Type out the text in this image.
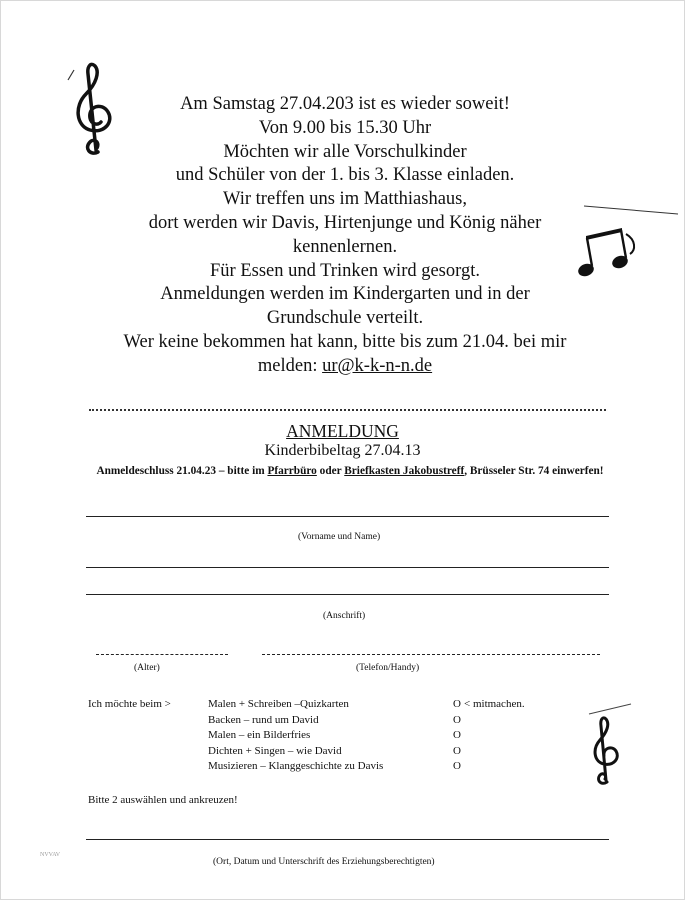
Am Samstag 27.04.203 ist es wieder soweit!
Von 9.00 bis 15.30 Uhr
Möchten wir alle Vorschulkinder
und Schüler von der 1. bis 3. Klasse einladen.
Wir treffen uns im Matthiashaus,
dort werden wir Davis, Hirtenjunge und König näher
kennenlernen.
Für Essen und Trinken wird gesorgt.
Anmeldungen werden im Kindergarten und in der
Grundschule verteilt.
Wer keine bekommen hat kann, bitte bis zum 21.04. bei mir
melden: ur@k-k-n-n.de
ANMELDUNG
Kinderbibeltag 27.04.13
Anmeldeschluss 21.04.23 – bitte im Pfarrbüro oder Briefkasten Jakobustreff, Brüsseler Str. 74 einwerfen!
(Vorname und Name)
(Anschrift)
(Alter)	(Telefon/Handy)
Ich möchte beim >	Malen + Schreiben –Quizkarten	O < mitmachen.
Backen – rund um David	O
Malen – ein Bilderfries	O
Dichten + Singen – wie David	O
Musizieren – Klanggeschichte zu Davis	O
Bitte 2 auswählen und ankreuzen!
(Ort, Datum und Unterschrift des Erziehungsberechtigten)
NVVAV
